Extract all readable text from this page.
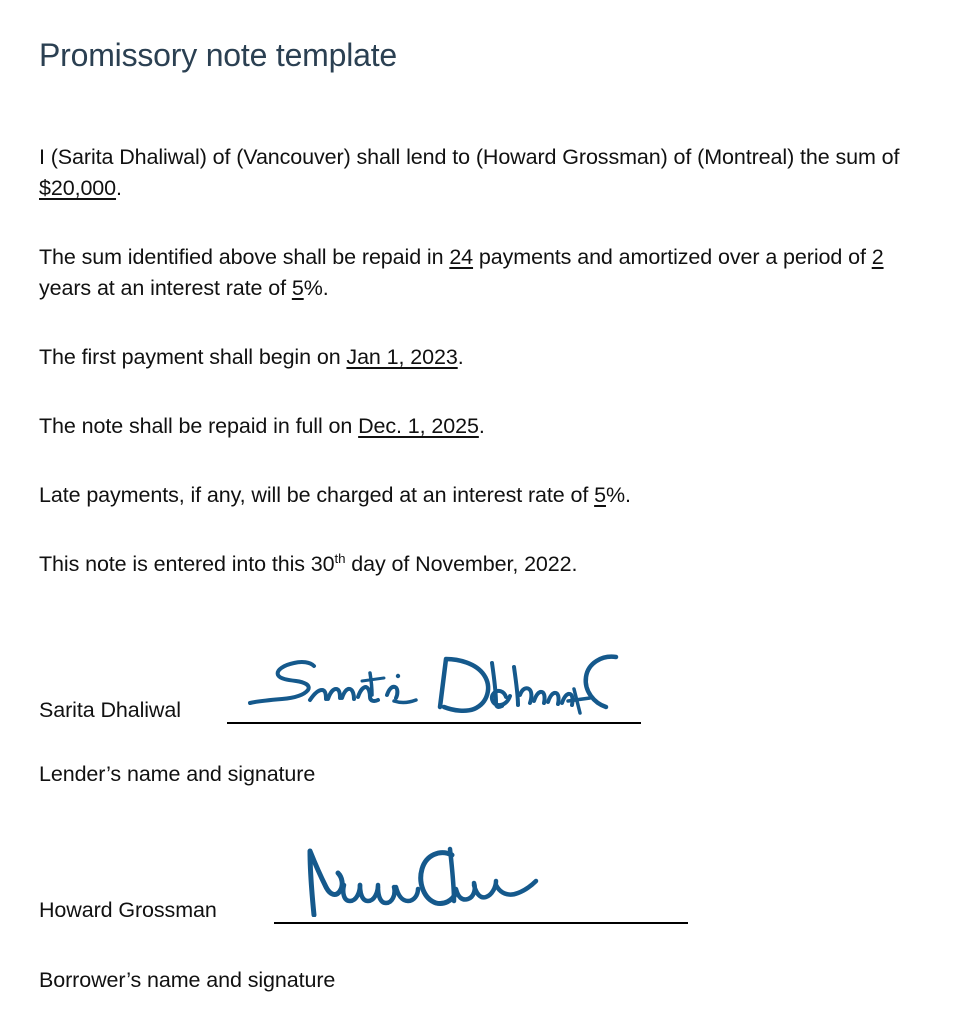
Promissory note template

I (Sarita Dhaliwal) of (Vancouver) shall lend to (Howard Grossman) of (Montreal) the sum of $20,000.

The sum identified above shall be repaid in 24 payments and amortized over a period of 2 years at an interest rate of 5%.

The first payment shall begin on Jan 1, 2023.

The note shall be repaid in full on Dec. 1, 2025.

Late payments, if any, will be charged at an interest rate of 5%.

This note is entered into this 30th day of November, 2022.

Sarita Dhaliwal
Lender’s name and signature
Howard Grossman
Borrower’s name and signature
